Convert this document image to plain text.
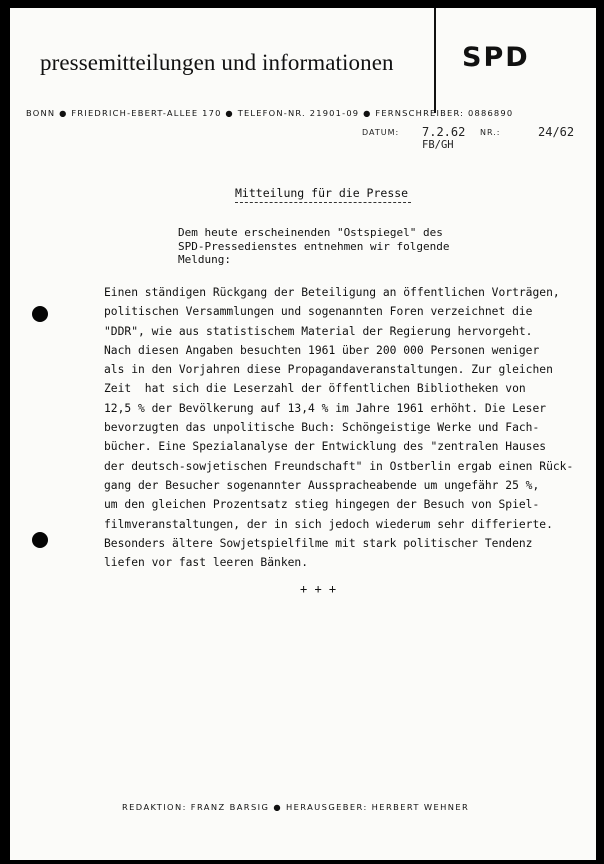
pressemitteilungen und informationen	SPD
BONN ● FRIEDRICH-EBERT-ALLEE 170 ● TELEFON-NR. 21901-09 ● FERNSCHREIBER: 0886890
DATUM: 7.2.62 NR.:	24/62
FB/GH
Mitteilung für die Presse
Dem heute erscheinenden "Ostspiegel" des
SPD-Pressedienstes entnehmen wir folgende
Meldung:
Einen ständigen Rückgang der Beteiligung an öffentlichen Vorträgen,
politischen Versammlungen und sogenannten Foren verzeichnet die
"DDR", wie aus statistischem Material der Regierung hervorgeht.
Nach diesen Angaben besuchten 1961 über 200 000 Personen weniger
als in den Vorjahren diese Propagandaveranstaltungen. Zur gleichen
Zeit  hat sich die Leserzahl der öffentlichen Bibliotheken von
12,5 % der Bevölkerung auf 13,4 % im Jahre 1961 erhöht. Die Leser
bevorzugten das unpolitische Buch: Schöngeistige Werke und Fach-
bücher. Eine Spezialanalyse der Entwicklung des "zentralen Hauses
der deutsch-sowjetischen Freundschaft" in Ostberlin ergab einen Rück-
gang der Besucher sogenannter Ausspracheabende um ungefähr 25 %,
um den gleichen Prozentsatz stieg hingegen der Besuch von Spiel-
filmveranstaltungen, der in sich jedoch wiederum sehr differierte.
Besonders ältere Sowjetspielfilme mit stark politischer Tendenz
liefen vor fast leeren Bänken.
+ + +
REDAKTION: FRANZ BARSIG ● HERAUSGEBER: HERBERT WEHNER
